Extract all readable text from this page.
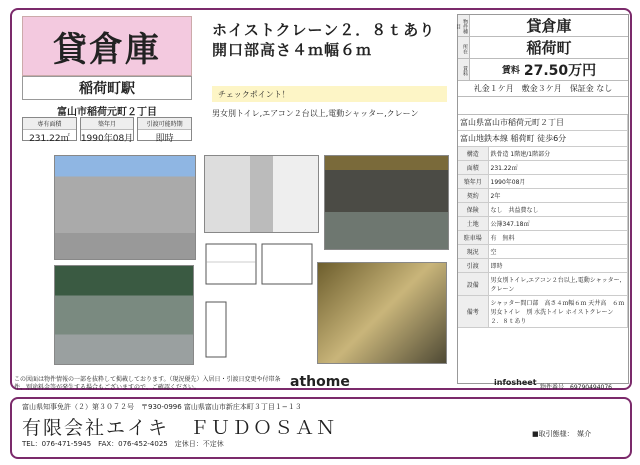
貸倉庫
稲荷町駅
富山市稲荷元町２丁目
専有面積
231.22㎡
築年月
1990年08月
引渡可能時期
即時
ホイストクレーン２．８ｔあり
開口部高さ４ｍ幅６ｍ
チェックポイント！
男女別トイレ,エアコン２台以上,電動シャッター,クレーン
物件種目	貸倉庫
所在	稲荷町
賃料	賃料 27.50万円
礼金１ケ月　敷金３ケ月　保証金 なし
富山県富山市稲荷元町２丁目	
富山地鉄本線 稲荷町 徒歩6分	
構造	鉄骨造 1階建/1階部分
面積	231.22㎡
築年月	1990年08月
契約	2年
保険	なし　共益費なし
土地	公簿347.18㎡
駐車場	有　無料
現況	空
引渡	即時
設備	男女別トイレ,エアコン２台以上,電動シャッター,クレーン
備考	シャッター間口部　高さ４ｍ幅６ｍ 天井高　６ｍ 男女トイレ　別 水洗トイレ ホイストクレーン２．８ｔあり
この図面は物件情報の一部を抜粋して掲載しております。（現況優先）入居日・引渡日変更や付帯条件、別途料金等が発生する場合もございますので、ご確認ください。	athome	infosheet
物件番号　69790494076
富山県知事免許（２）第３０７２号　〒930-0996 富山県富山市新庄本町３丁目１−１３
有限会社エイキ　ＦＵＤＯＳＡＮ
TEL：076-471-5945　FAX：076-452-4025　定休日：不定休
■取引態様：　媒介
